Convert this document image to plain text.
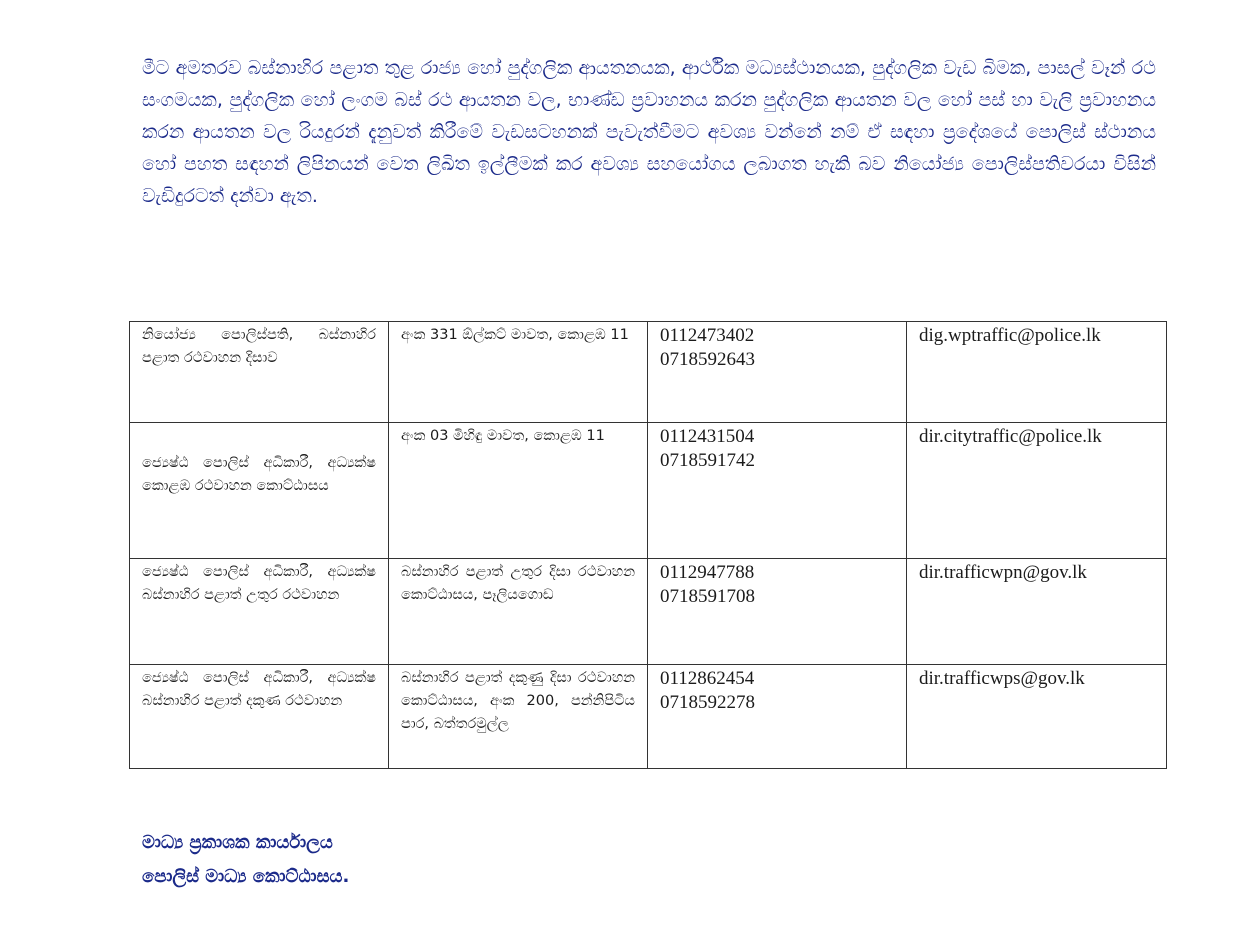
මීට අමතරව බස්නාහිර පළාත තුළ රාජ්‍ය හෝ පුද්ගලික ආයතනයක, ආර්ථික මධ්‍යස්ථානයක, පුද්ගලික වැඩ බිමක, පාසල් වෑන් රථ සංගමයක, පුද්ගලික හෝ ලංගම බස් රථ ආයතන වල, භාණ්ඩ ප්‍රවාහනය කරන පුද්ගලික ආයතන වල හෝ පස් හා වැලි ප්‍රවාහනය කරන ආයතන වල රියදුරන් දැනුවත් කිරීමේ වැඩසටහනක් පැවැත්වීමට අවශ්‍ය වන්නේ නම් ඒ සඳහා ප්‍රදේශයේ පොලිස් ස්ථානය හෝ පහත සඳහන් ලිපිනයන් වෙත ලිඛිත ඉල්ලීමක් කර අවශ්‍ය සහයෝගය ලබාගත හැකි බව නියෝජ්‍ය පොලිස්පතිවරයා විසින් වැඩිදුරටත් දන්වා ඇත.

නියෝජ්‍ය පොලිස්පති, බස්නාහිර පළාත රථවාහන දිසාව	අංක 331 ඕල්කට් මාවත, කොළඹ 11	0112473402
0718592643	dig.wptraffic@police.lk
ජ්‍යෙෂ්ඨ පොලිස් අධිකාරී, අධ්‍යක්ෂ කොළඹ රථවාහන කොට්ඨාසය	අංක 03 මිහිඳු මාවත, කොළඹ 11	0112431504
0718591742	dir.citytraffic@police.lk
ජ්‍යෙෂ්ඨ පොලිස් අධිකාරී, අධ්‍යක්ෂ බස්නාහිර පළාත් උතුර රථවාහන	බස්නාහිර පළාත් උතුර දිසා රථවාහන කොට්ඨාසය, පෑලියගොඩ	0112947788
0718591708	dir.trafficwpn@gov.lk
ජ්‍යෙෂ්ඨ පොලිස් අධිකාරී, අධ්‍යක්ෂ බස්නාහිර පළාත් දකුණ රථවාහන	බස්නාහිර පළාත් දකුණු දිසා රථවාහන කොට්ඨාසය, අංක 200, පන්නිපිටිය පාර, බත්තරමුල්ල	0112862454
0718592278	dir.trafficwps@gov.lk
මාධ්‍ය ප්‍රකාශක කාර්යාලය
පොලිස් මාධ්‍ය කොට්ඨාසය.
